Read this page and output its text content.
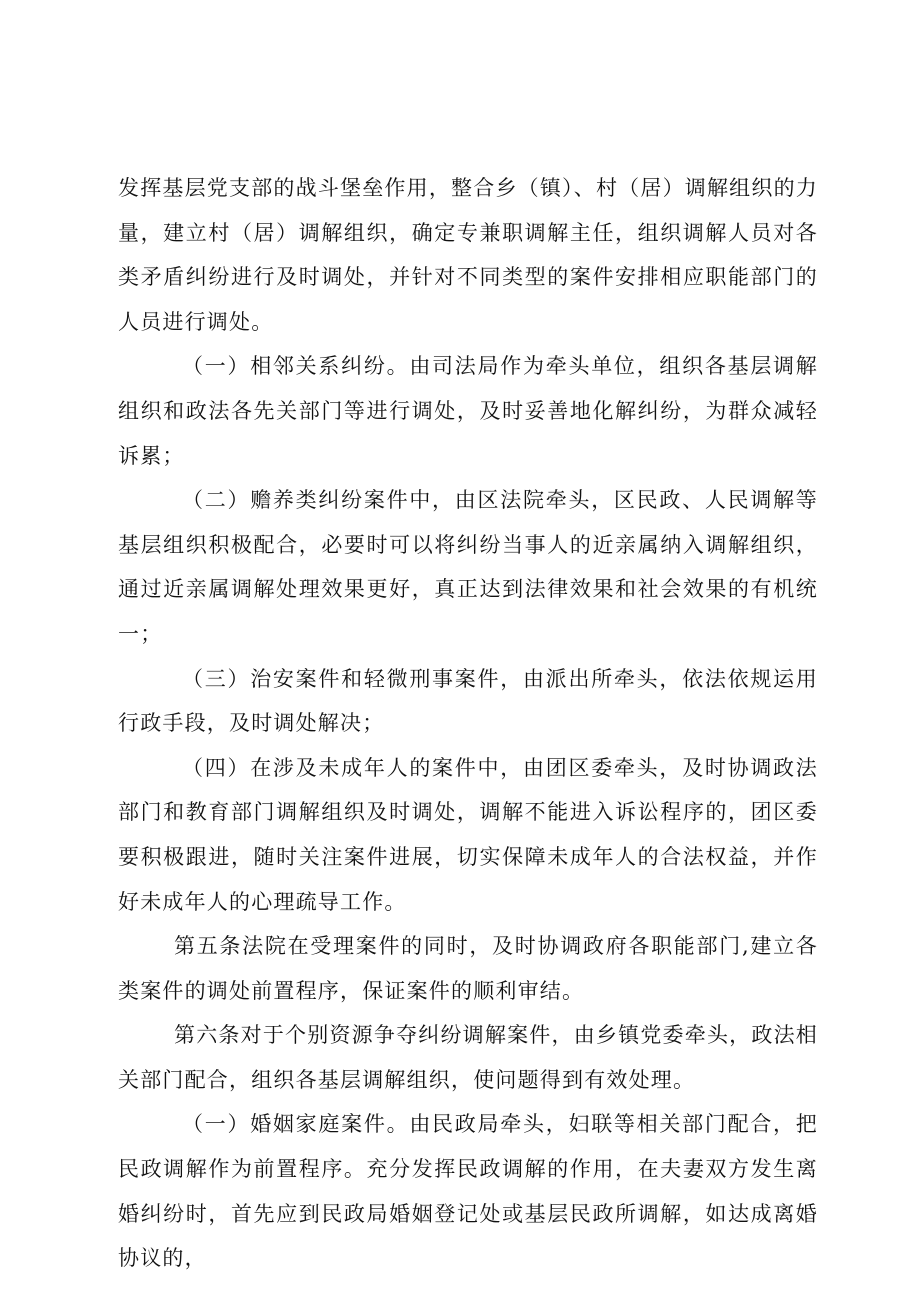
发挥基层党支部的战斗堡垒作用，整合乡（镇）、村（居）调解组织的力量，建立村（居）调解组织，确定专兼职调解主任，组织调解人员对各类矛盾纠纷进行及时调处，并针对不同类型的案件安排相应职能部门的人员进行调处。

（一）相邻关系纠纷。由司法局作为牵头单位，组织各基层调解组织和政法各先关部门等进行调处，及时妥善地化解纠纷，为群众减轻诉累；

（二）赡养类纠纷案件中，由区法院牵头，区民政、人民调解等基层组织积极配合，必要时可以将纠纷当事人的近亲属纳入调解组织，通过近亲属调解处理效果更好，真正达到法律效果和社会效果的有机统一；

（三）治安案件和轻微刑事案件，由派出所牵头，依法依规运用行政手段，及时调处解决；

（四）在涉及未成年人的案件中，由团区委牵头，及时协调政法部门和教育部门调解组织及时调处，调解不能进入诉讼程序的，团区委要积极跟进，随时关注案件进展，切实保障未成年人的合法权益，并作好未成年人的心理疏导工作。

第五条法院在受理案件的同时，及时协调政府各职能部门,建立各类案件的调处前置程序，保证案件的顺利审结。

第六条对于个别资源争夺纠纷调解案件，由乡镇党委牵头，政法相关部门配合，组织各基层调解组织，使问题得到有效处理。

（一）婚姻家庭案件。由民政局牵头，妇联等相关部门配合，把民政调解作为前置程序。充分发挥民政调解的作用，在夫妻双方发生离婚纠纷时，首先应到民政局婚姻登记处或基层民政所调解，如达成离婚协议的，
